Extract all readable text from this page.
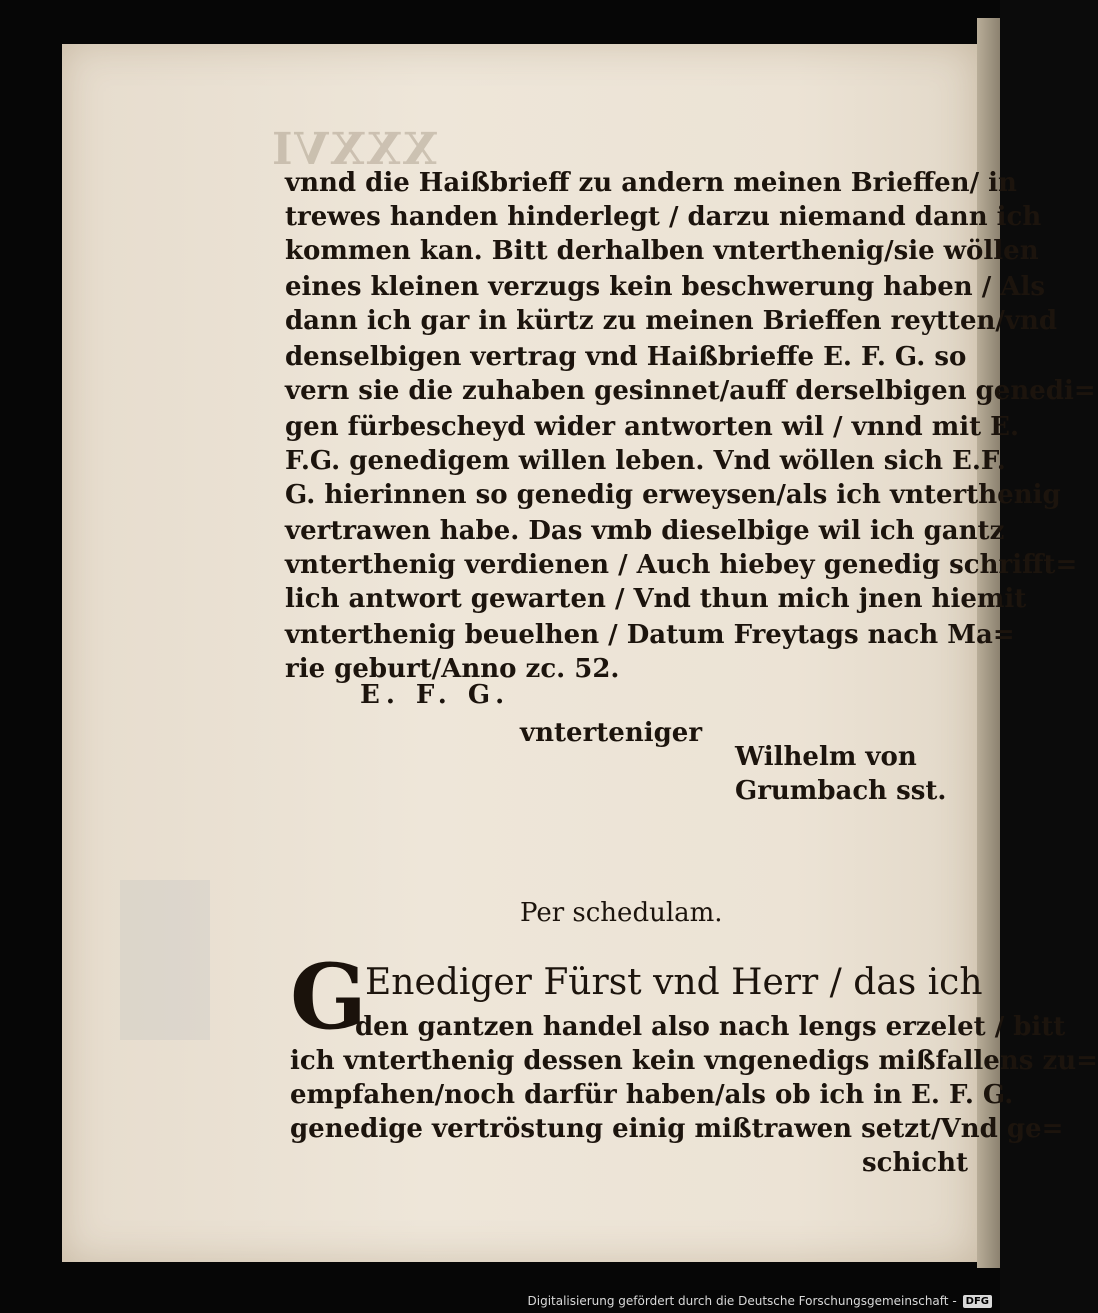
XXXVI
vnnd die Haißbrieff zu andern meinen Brieffen/ in
trewes handen hinderlegt / darzu niemand dann ich
kommen kan. Bitt derhalben vnterthenig/sie wöllen
eines kleinen verzugs kein beschwerung haben / Als
dann ich gar in kürtz zu meinen Brieffen reytten/vnd
denselbigen vertrag vnd Haißbrieffe E. F. G. so
vern sie die zuhaben gesinnet/auff derselbigen genedi=
gen fürbescheyd wider antworten wil / vnnd mit E.
F.G. genedigem willen leben. Vnd wöllen sich E.F.
G. hierinnen so genedig erweysen/als ich vnterthenig
vertrawen habe. Das vmb dieselbige wil ich gantz
vnterthenig verdienen / Auch hiebey genedig schrifft=
lich antwort gewarten / Vnd thun mich jnen hiemit
vnterthenig beuelhen / Datum Freytags nach Ma=
rie geburt/Anno zc. 52.
E. F. G.
vnterteniger
Wilhelm von
Grumbach sst.
Per schedulam.
G
Enediger Fürst vnd Herr / das ich
den gantzen handel also nach lengs erzelet / bitt
ich vnterthenig dessen kein vngenedigs mißfallens zu=
empfahen/noch darfür haben/als ob ich in E. F. G.
genedige vertröstung einig mißtrawen setzt/Vnd ge=
schicht
Digitalisierung gefördert durch die Deutsche Forschungsgemeinschaft - DFG
